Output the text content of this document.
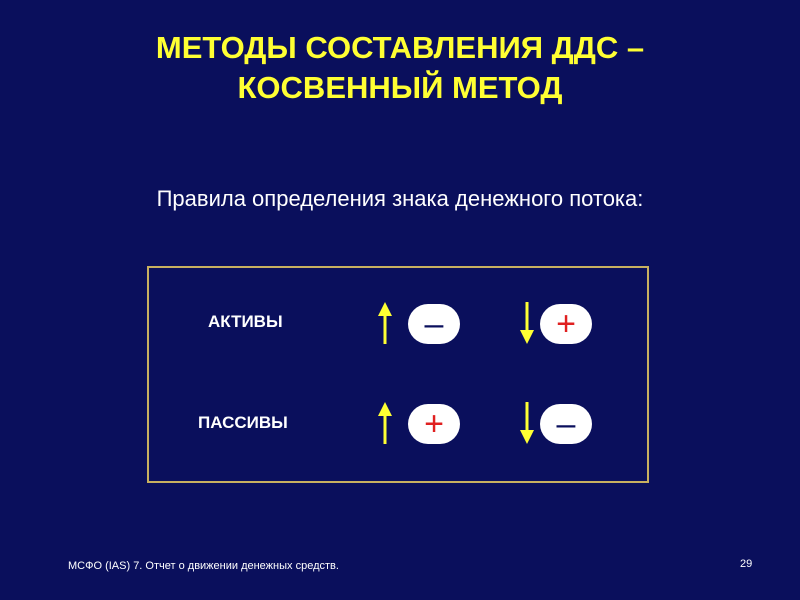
МЕТОДЫ СОСТАВЛЕНИЯ ДДС –
КОСВЕННЫЙ МЕТОД
Правила определения знака денежного потока:
АКТИВЫ	–	+
ПАССИВЫ	+	–
МСФО (IAS) 7. Отчет о движении денежных средств.	29
